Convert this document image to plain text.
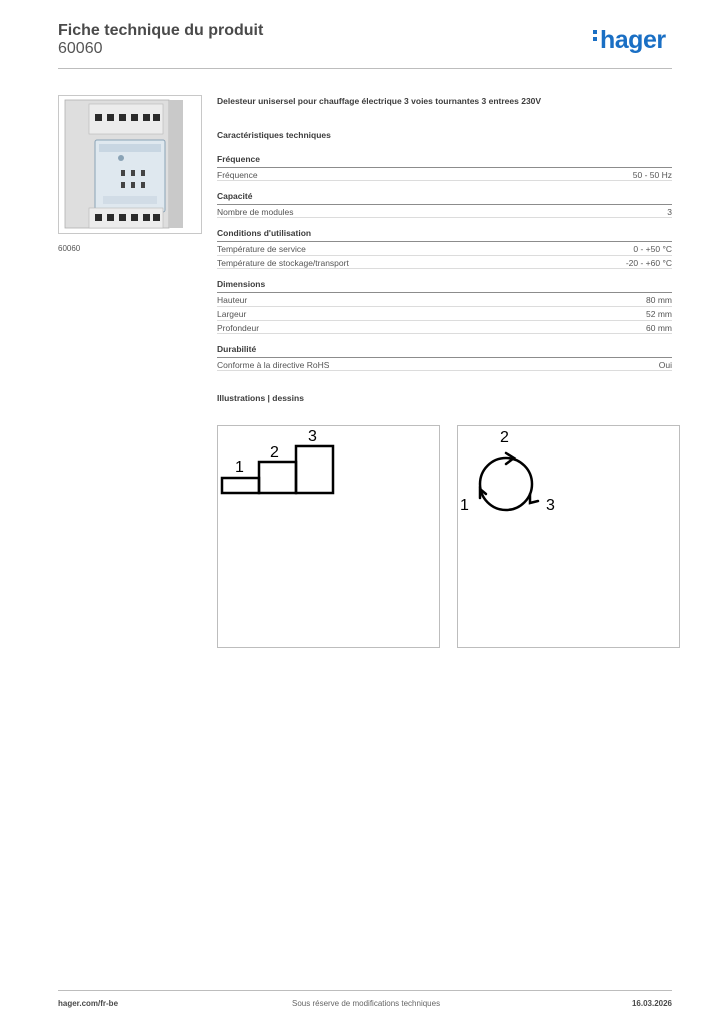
Fiche technique du produit
60060	hager
60060
Delesteur unisersel pour chauffage électrique 3 voies tournantes 3 entrees 230V
Caractéristiques techniques
Fréquence
Fréquence	50 - 50 Hz
Capacité
Nombre de modules	3
Conditions d'utilisation
Température de service	0 - +50 °C
Température de stockage/transport	-20 - +60 °C
Dimensions
Hauteur	80 mm
Largeur	52 mm
Profondeur	60 mm
Durabilité
Conforme à la directive RoHS	Oui
Illustrations | dessins
1
2
3	2
1	3
hager.com/fr-be	Sous réserve de modifications techniques	16.03.2026
